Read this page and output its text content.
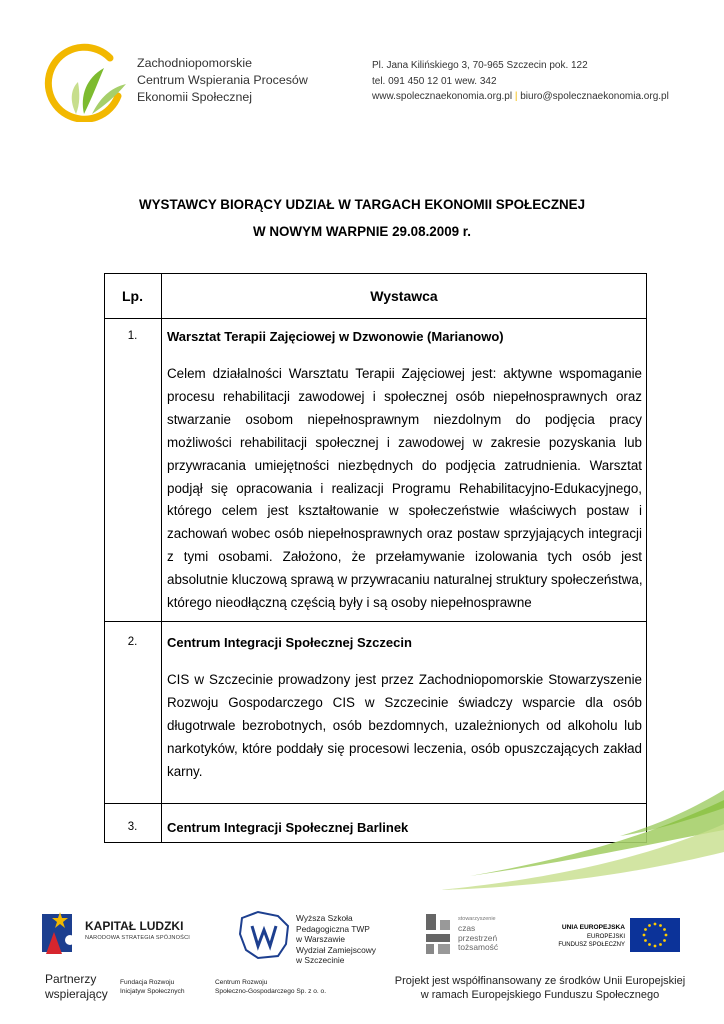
Zachodniopomorskie
Centrum Wspierania Procesów
Ekonomii Społecznej
Pl. Jana Kilińskiego 3, 70-965 Szczecin pok. 122
tel. 091 450 12 01 wew. 342
www.spolecznaekonomia.org.pl | biuro@spolecznaekonomia.org.pl
WYSTAWCY BIORĄCY UDZIAŁ W TARGACH EKONOMII SPOŁECZNEJ
W NOWYM WARPNIE 29.08.2009 r.
Lp.	Wystawca
1.	Warsztat Terapii Zajęciowej w Dzwonowie (Marianowo)
Celem działalności Warsztatu Terapii Zajęciowej jest: aktywne wspomaganie
procesu rehabilitacji zawodowej i społecznej osób niepełnosprawnych oraz
stwarzanie osobom niepełnosprawnym niezdolnym do podjęcia pracy
możliwości rehabilitacji społecznej i zawodowej w zakresie pozyskania lub
przywracania umiejętności niezbędnych do podjęcia zatrudnienia. Warsztat
podjął się opracowania i realizacji Programu Rehabilitacyjno-Edukacyjnego,
którego celem jest kształtowanie w społeczeństwie właściwych postaw i
zachowań wobec osób niepełnosprawnych oraz postaw sprzyjających integracji
z tymi osobami. Założono, że przełamywanie izolowania tych osób jest
absolutnie kluczową sprawą w przywracaniu naturalnej struktury społeczeństwa,
którego nieodłączną częścią były i są osoby niepełnosprawne
2.	Centrum Integracji Społecznej Szczecin
CIS w Szczecinie prowadzony jest przez Zachodniopomorskie Stowarzyszenie
Rozwoju Gospodarczego CIS w Szczecinie świadczy wsparcie dla osób
długotrwale bezrobotnych, osób bezdomnych, uzależnionych od alkoholu lub
narkotyków, które poddały się procesowi leczenia, osób opuszczających zakład
karny.
3.	Centrum Integracji Społecznej Barlinek
KAPITAŁ LUDZKI
NARODOWA STRATEGIA SPÓJNOŚCI
Wyższa Szkoła
Pedagogiczna TWP
w Warszawie
Wydział Zamiejscowy
w Szczecinie
stowarzyszenie
czas
przestrzeń
tożsamość
UNIA EUROPEJSKA
EUROPEJSKI
FUNDUSZ SPOŁECZNY
Partnerzy
wspierający
Fundacja Rozwoju
Inicjatyw Społecznych
Centrum Rozwoju
Społeczno-Gospodarczego Sp. z o. o.
Projekt jest współfinansowany ze środków Unii Europejskiej
w ramach Europejskiego Funduszu Społecznego
